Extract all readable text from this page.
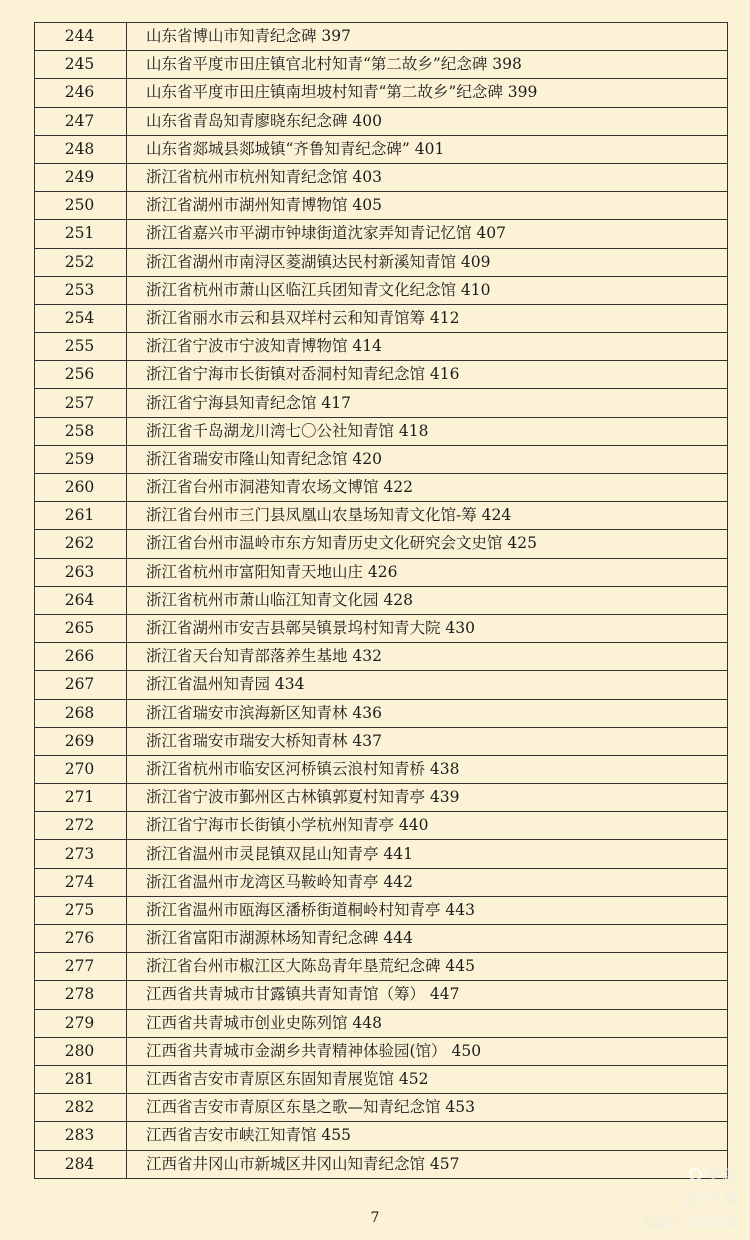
244	山东省博山市知青纪念碑 397
245	山东省平度市田庄镇官北村知青“第二故乡”纪念碑 398
246	山东省平度市田庄镇南坦坡村知青“第二故乡”纪念碑 399
247	山东省青岛知青廖晓东纪念碑 400
248	山东省郯城县郯城镇“齐鲁知青纪念碑” 401
249	浙江省杭州市杭州知青纪念馆 403
250	浙江省湖州市湖州知青博物馆 405
251	浙江省嘉兴市平湖市钟埭街道沈家弄知青记忆馆 407
252	浙江省湖州市南浔区菱湖镇达民村新溪知青馆 409
253	浙江省杭州市萧山区临江兵团知青文化纪念馆 410
254	浙江省丽水市云和县双垟村云和知青馆筹 412
255	浙江省宁波市宁波知青博物馆 414
256	浙江省宁海市长街镇对岙洞村知青纪念馆 416
257	浙江省宁海县知青纪念馆 417
258	浙江省千岛湖龙川湾七〇公社知青馆 418
259	浙江省瑞安市隆山知青纪念馆 420
260	浙江省台州市洞港知青农场文博馆 422
261	浙江省台州市三门县凤凰山农垦场知青文化馆-筹 424
262	浙江省台州市温岭市东方知青历史文化研究会文史馆 425
263	浙江省杭州市富阳知青天地山庄 426
264	浙江省杭州市萧山临江知青文化园 428
265	浙江省湖州市安吉县鄣吴镇景坞村知青大院 430
266	浙江省天台知青部落养生基地 432
267	浙江省温州知青园 434
268	浙江省瑞安市滨海新区知青林 436
269	浙江省瑞安市瑞安大桥知青林 437
270	浙江省杭州市临安区河桥镇云浪村知青桥 438
271	浙江省宁波市鄞州区古林镇郭夏村知青亭 439
272	浙江省宁海市长街镇小学杭州知青亭 440
273	浙江省温州市灵昆镇双昆山知青亭 441
274	浙江省温州市龙湾区马鞍岭知青亭 442
275	浙江省温州市瓯海区潘桥街道桐岭村知青亭 443
276	浙江省富阳市湖源林场知青纪念碑 444
277	浙江省台州市椒江区大陈岛青年垦荒纪念碑 445
278	江西省共青城市甘露镇共青知青馆（筹） 447
279	江西省共青城市创业史陈列馆 448
280	江西省共青城市金湖乡共青精神体验园(馆） 450
281	江西省吉安市青原区东固知青展览馆 452
282	江西省吉安市青原区东垦之歌—知青纪念馆 453
283	江西省吉安市峡江知青馆 455
284	江西省井冈山市新城区井冈山知青纪念馆 457
7
美篇
@王孔展
美篇号: 414138
